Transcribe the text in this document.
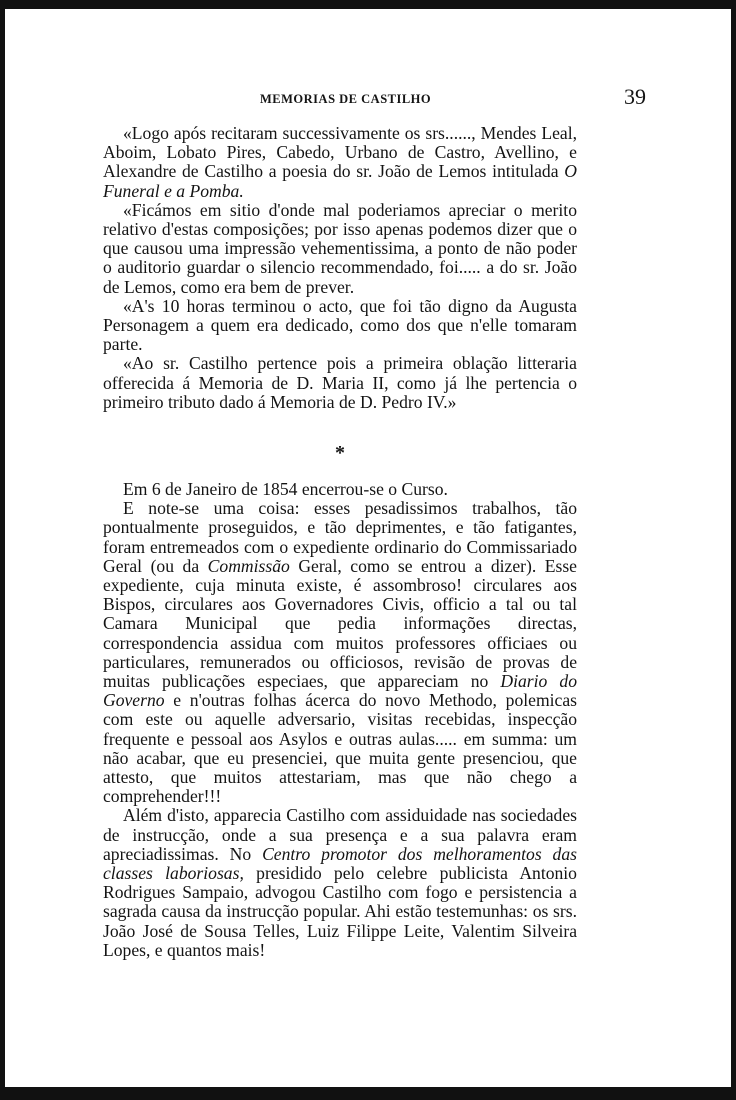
MEMORIAS DE CASTILHO	39

«Logo após recitaram successivamente os srs......, Mendes Leal, Aboim, Lobato Pires, Cabedo, Urbano de Castro, Avellino, e Alexandre de Castilho a poesia do sr. João de Lemos intitulada O Funeral e a Pomba.

«Ficámos em sitio d'onde mal poderiamos apreciar o merito relativo d'estas composições; por isso apenas podemos dizer que o que causou uma impressão vehementissima, a ponto de não poder o auditorio guardar o silencio recommendado, foi..... a do sr. João de Lemos, como era bem de prever.

«A's 10 horas terminou o acto, que foi tão digno da Augusta Personagem a quem era dedicado, como dos que n'elle tomaram parte.

«Ao sr. Castilho pertence pois a primeira oblação litteraria offerecida á Memoria de D. Maria II, como já lhe pertencia o primeiro tributo dado á Memoria de D. Pedro IV.»

*

Em 6 de Janeiro de 1854 encerrou-se o Curso.

E note-se uma coisa: esses pesadissimos trabalhos, tão pontualmente proseguidos, e tão deprimentes, e tão fatigantes, foram entremeados com o expediente ordinario do Commissariado Geral (ou da Commissão Geral, como se entrou a dizer). Esse expediente, cuja minuta existe, é assombroso! circulares aos Bispos, circulares aos Governadores Civis, officio a tal ou tal Camara Municipal que pedia informações directas, correspondencia assidua com muitos professores officiaes ou particulares, remunerados ou officiosos, revisão de provas de muitas publicações especiaes, que appareciam no Diario do Governo e n'outras folhas ácerca do novo Methodo, polemicas com este ou aquelle adversario, visitas recebidas, inspecção frequente e pessoal aos Asylos e outras aulas..... em summa: um não acabar, que eu presenciei, que muita gente presenciou, que attesto, que muitos attestariam, mas que não chego a comprehender!!!

Além d'isto, apparecia Castilho com assiduidade nas sociedades de instrucção, onde a sua presença e a sua palavra eram apreciadissimas. No Centro promotor dos melhoramentos das classes laboriosas, presidido pelo celebre publicista Antonio Rodrigues Sampaio, advogou Castilho com fogo e persistencia a sagrada causa da instrucção popular. Ahi estão testemunhas: os srs. João José de Sousa Telles, Luiz Filippe Leite, Valentim Silveira Lopes, e quantos mais!
